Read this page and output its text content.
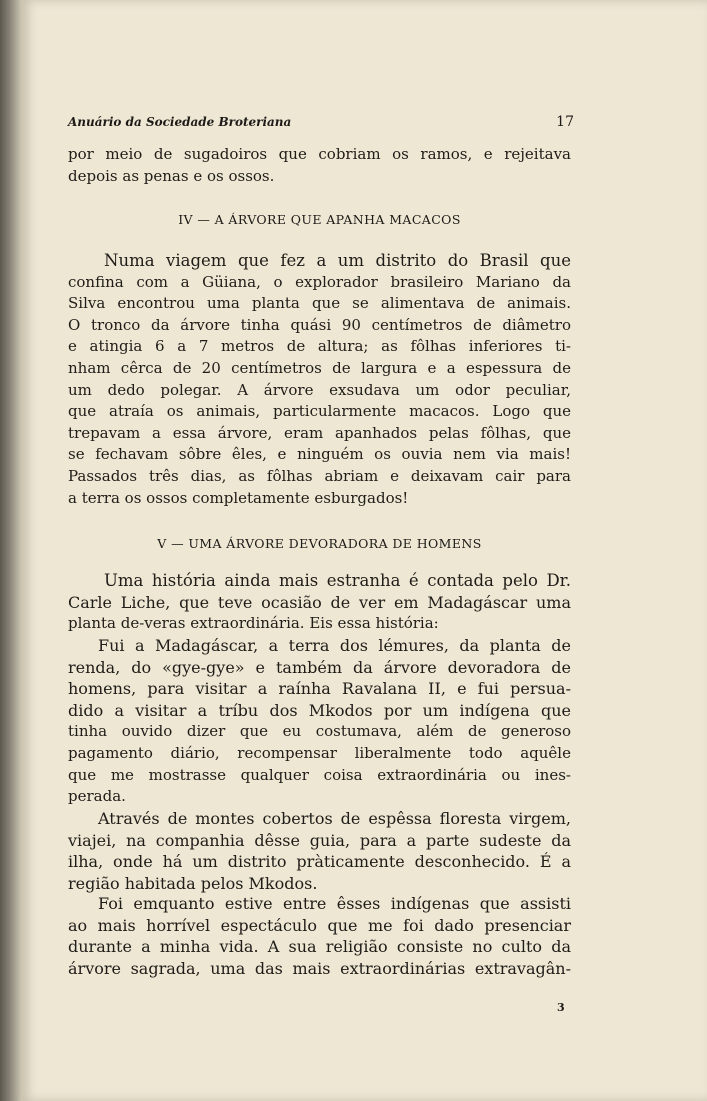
Anuário da Sociedade Broteriana	17
por meio de sugadoiros que cobriam os ramos, e rejeitava
depois as penas e os ossos.
IV — A ÁRVORE QUE APANHA MACACOS
Numa viagem que fez a um distrito do Brasil que
confina com a Güiana, o explorador brasileiro Mariano da
Silva encontrou uma planta que se alimentava de animais.
O tronco da árvore tinha quási 90 centímetros de diâmetro
e atingia 6 a 7 metros de altura; as fôlhas inferiores ti-
nham cêrca de 20 centímetros de largura e a espessura de
um dedo polegar. A árvore exsudava um odor peculiar,
que atraía os animais, particularmente macacos. Logo que
trepavam a essa árvore, eram apanhados pelas fôlhas, que
se fechavam sôbre êles, e ninguém os ouvia nem via mais!
Passados três dias, as fôlhas abriam e deixavam cair para
a terra os ossos completamente esburgados!
V — UMA ÁRVORE DEVORADORA DE HOMENS
Uma história ainda mais estranha é contada pelo Dr.
Carle Liche, que teve ocasião de ver em Madagáscar uma
planta de-veras extraordinária. Eis essa história:
Fui a Madagáscar, a terra dos lémures, da planta de
renda, do «gye-gye» e também da árvore devoradora de
homens, para visitar a raínha Ravalana II, e fui persua-
dido a visitar a tríbu dos Mkodos por um indígena que
tinha ouvido dizer que eu costumava, além de generoso
pagamento diário, recompensar liberalmente todo aquêle
que me mostrasse qualquer coisa extraordinária ou ines-
perada.
Através de montes cobertos de espêssa floresta virgem,
viajei, na companhia dêsse guia, para a parte sudeste da
ilha, onde há um distrito pràticamente desconhecido. É a
região habitada pelos Mkodos.
Foi emquanto estive entre êsses indígenas que assisti
ao mais horrível espectáculo que me foi dado presenciar
durante a minha vida. A sua religião consiste no culto da
árvore sagrada, uma das mais extraordinárias extravagân-
3
